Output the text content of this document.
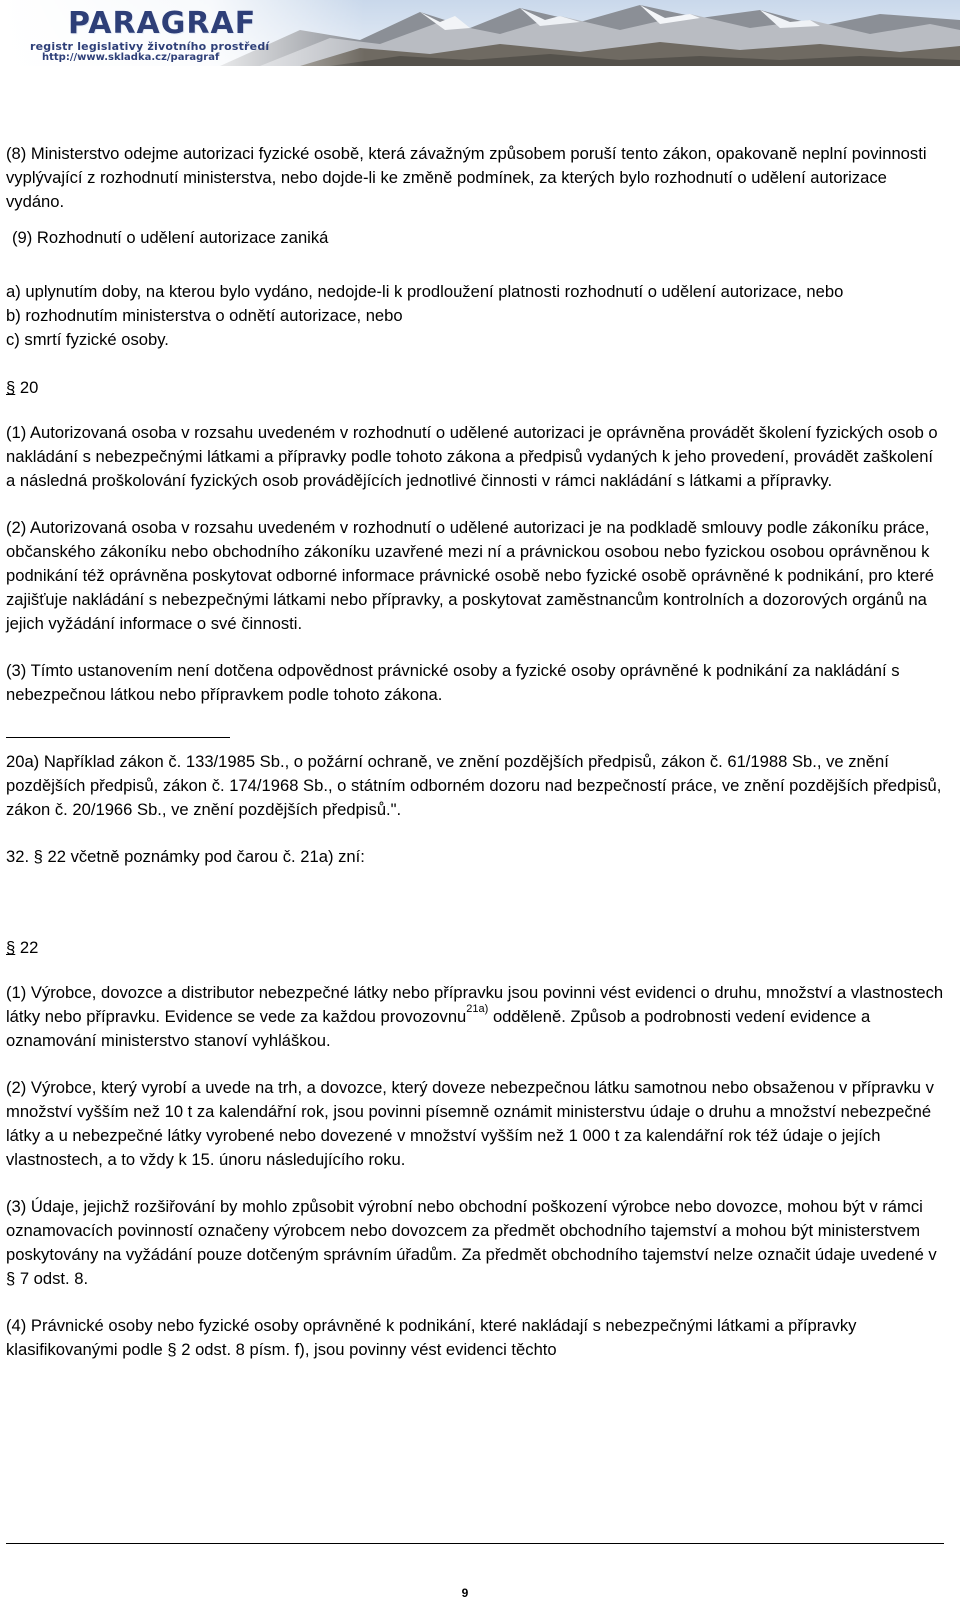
PARAGRAF
registr legislativy životního prostředí
http://www.skladka.cz/paragraf

(8) Ministerstvo odejme autorizaci fyzické osobě, která závažným způsobem poruší tento zákon, opakovaně neplní povinnosti vyplývající z rozhodnutí ministerstva, nebo dojde-li ke změně podmínek, za kterých bylo rozhodnutí o udělení autorizace vydáno.

(9) Rozhodnutí o udělení autorizace zaniká

a) uplynutím doby, na kterou bylo vydáno, nedojde-li k prodloužení platnosti rozhodnutí o udělení autorizace, nebo
b) rozhodnutím ministerstva o odnětí autorizace, nebo
c) smrtí fyzické osoby.
§ 20

(1) Autorizovaná osoba v rozsahu uvedeném v rozhodnutí o udělené autorizaci je oprávněna provádět školení fyzických osob o nakládání s nebezpečnými látkami a přípravky podle tohoto zákona a předpisů vydaných k jeho provedení, provádět zaškolení a následná proškolování fyzických osob provádějících jednotlivé činnosti v rámci nakládání s látkami a přípravky.

(2) Autorizovaná osoba v rozsahu uvedeném v rozhodnutí o udělené autorizaci je na podkladě smlouvy podle zákoníku práce, občanského zákoníku nebo obchodního zákoníku uzavřené mezi ní a právnickou osobou nebo fyzickou osobou oprávněnou k podnikání též oprávněna poskytovat odborné informace právnické osobě nebo fyzické osobě oprávněné k podnikání, pro které zajišťuje nakládání s nebezpečnými látkami nebo přípravky, a poskytovat zaměstnancům kontrolních a dozorových orgánů na jejich vyžádání informace o své činnosti.

(3) Tímto ustanovením není dotčena odpovědnost právnické osoby a fyzické osoby oprávněné k podnikání za nakládání s nebezpečnou látkou nebo přípravkem podle tohoto zákona.

20a) Například zákon č. 133/1985 Sb., o požární ochraně, ve znění pozdějších předpisů, zákon č. 61/1988 Sb., ve znění pozdějších předpisů, zákon č. 174/1968 Sb., o státním odborném dozoru nad bezpečností práce, ve znění pozdějších předpisů, zákon č. 20/1966 Sb., ve znění pozdějších předpisů.".

32. § 22 včetně poznámky pod čarou č. 21a) zní:

§ 22

(1) Výrobce, dovozce a distributor nebezpečné látky nebo přípravku jsou povinni vést evidenci o druhu, množství a vlastnostech látky nebo přípravku. Evidence se vede za každou provozovnu$^{21a)}$ odděleně. Způsob a podrobnosti vedení evidence a oznamování ministerstvo stanoví vyhláškou.

(2) Výrobce, který vyrobí a uvede na trh, a dovozce, který doveze nebezpečnou látku samotnou nebo obsaženou v přípravku v množství vyšším než 10 t za kalendářní rok, jsou povinni písemně oznámit ministerstvu údaje o druhu a množství nebezpečné látky a u nebezpečné látky vyrobené nebo dovezené v množství vyšším než 1 000 t za kalendářní rok též údaje o jejích vlastnostech, a to vždy k 15. únoru následujícího roku.

(3) Údaje, jejichž rozšiřování by mohlo způsobit výrobní nebo obchodní poškození výrobce nebo dovozce, mohou být v rámci oznamovacích povinností označeny výrobcem nebo dovozcem za předmět obchodního tajemství a mohou být ministerstvem poskytovány na vyžádání pouze dotčeným správním úřadům. Za předmět obchodního tajemství nelze označit údaje uvedené v § 7 odst. 8.

(4) Právnické osoby nebo fyzické osoby oprávněné k podnikání, které nakládají s nebezpečnými látkami a přípravky klasifikovanými podle § 2 odst. 8 písm. f), jsou povinny vést evidenci těchto

9
